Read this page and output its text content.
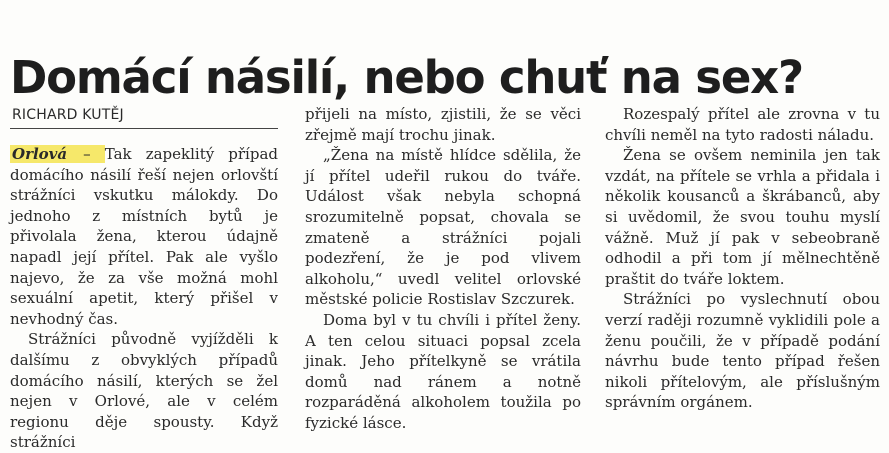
Domácí násilí, nebo chuť na sex?
RICHARD KUTĚJ

Orlová – Tak zapeklitý případ domácího násilí řeší nejen orlovští strážníci vskutku málokdy. Do jednoho z místních bytů je přivolala žena, kterou údajně napadl její přítel. Pak ale vyšlo najevo, že za vše možná mohl sexuální apetit, který přišel v nevhodný čas.

Strážníci původně vyjížděli k dalšímu z obvyklých případů domácího násilí, kterých se žel nejen v Orlové, ale v celém regionu děje spousty. Když strážníci

přijeli na místo, zjistili, že se věci zřejmě mají trochu jinak.

„Žena na místě hlídce sdělila, že jí přítel udeřil rukou do tváře. Událost však nebyla schopná srozumitelně popsat, chovala se zmateně a strážníci pojali podezření, že je pod vlivem alkoholu,“ uvedl velitel orlovské městské policie Rostislav Szczurek.

Doma byl v tu chvíli i přítel ženy. A ten celou situaci popsal zcela jinak. Jeho přítelkyně se vrátila domů nad ránem a notně rozparáděná alkoholem toužila po fyzické lásce.

Rozespalý přítel ale zrovna v tu chvíli neměl na tyto radosti náladu.

Žena se ovšem neminila jen tak vzdát, na přítele se vrhla a přidala i několik kousanců a škrábanců, aby si uvědomil, že svou touhu myslí vážně. Muž jí pak v sebeobraně odhodil a při tom jí mělnechtěně praštit do tváře loktem.

Strážníci po vyslechnutí obou verzí raději rozumně vyklidili pole a ženu poučili, že v případě podání návrhu bude tento případ řešen nikoli přítelovým, ale příslušným správním orgánem.
